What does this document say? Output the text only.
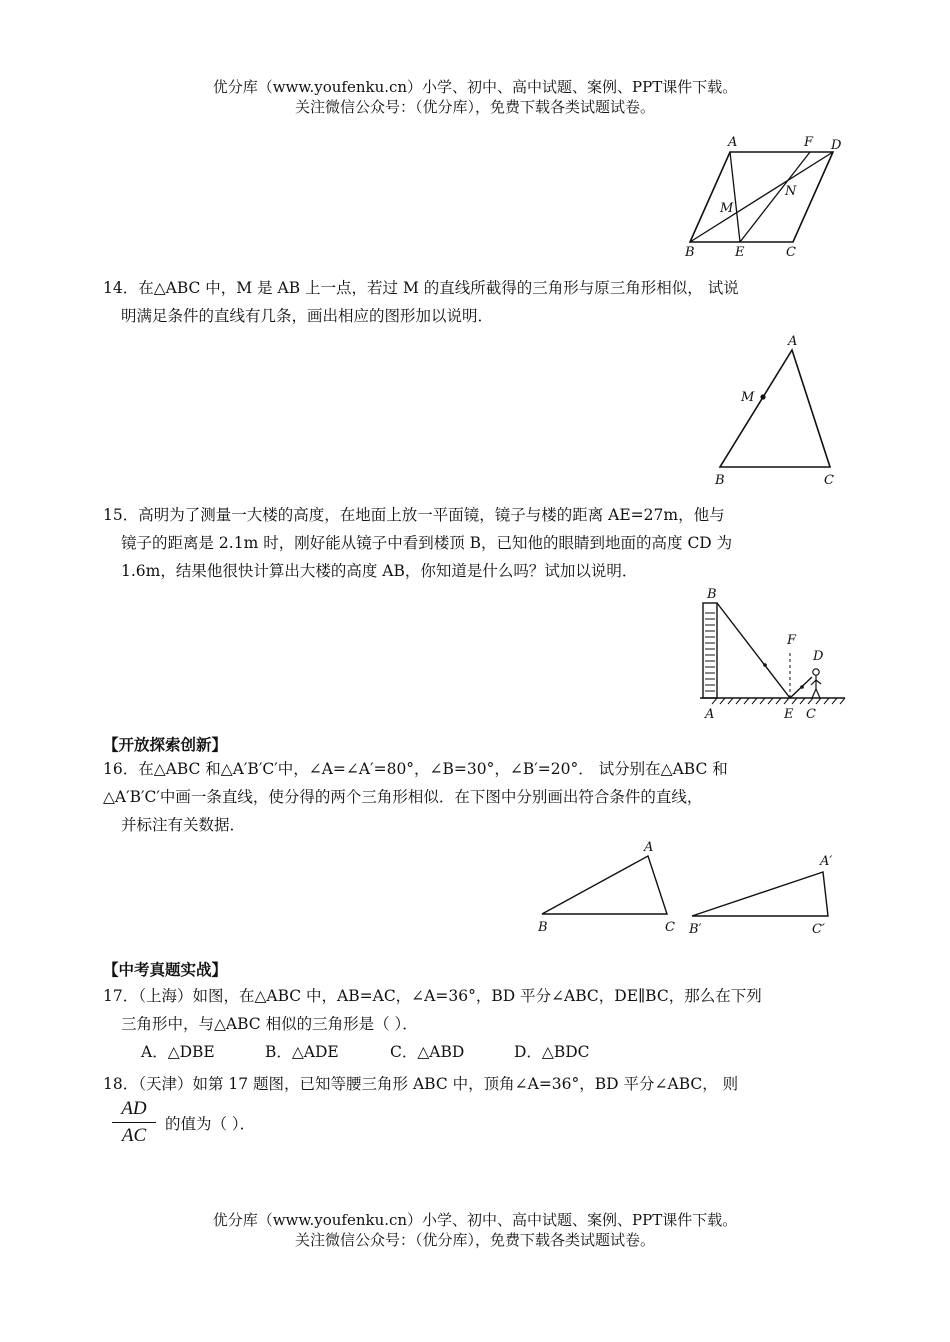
优分库（www.youfenku.cn）小学、初中、高中试题、案例、PPT课件下载。
关注微信公众号：（优分库），免费下载各类试题试卷。
A	F D
M
N
B	E	C
14．在△ABC 中，M 是 AB 上一点，若过 M 的直线所截得的三角形与原三角形相似， 试说
明满足条件的直线有几条，画出相应的图形加以说明．
A
M
B	C
15．高明为了测量一大楼的高度，在地面上放一平面镜，镜子与楼的距离 AE=27m，他与
镜子的距离是 2.1m 时，刚好能从镜子中看到楼顶 B，已知他的眼睛到地面的高度 CD 为
1.6m，结果他很快计算出大楼的高度 AB，你知道是什么吗？试加以说明．
B
F
D
A	E C
【开放探索创新】
16．在△ABC 和△A′B′C′中，∠A=∠A′=80°，∠B=30°，∠B′=20°． 试分别在△ABC 和
△A′B′C′中画一条直线，使分得的两个三角形相似．在下图中分别画出符合条件的直线，
并标注有关数据．
A
B	C
A′
B′	C′
【中考真题实战】
17．（上海）如图，在△ABC 中，AB=AC，∠A=36°，BD 平分∠ABC，DE∥BC，那么在下列
三角形中，与△ABC 相似的三角形是（ ）．
A．△DBE	B．△ADE	C．△ABD	D．△BDC
18．（天津）如第 17 题图，已知等腰三角形 ABC 中，顶角∠A=36°，BD 平分∠ABC， 则
AD
AC
的值为（ ）．
优分库（www.youfenku.cn）小学、初中、高中试题、案例、PPT课件下载。
关注微信公众号：（优分库），免费下载各类试题试卷。
